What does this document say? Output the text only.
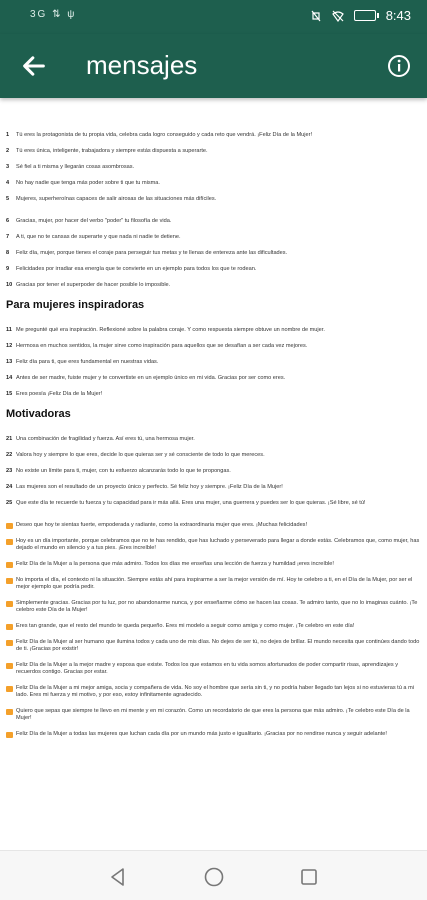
3G ⇅ ψ	8:43
mensajes
1	Tú eres la protagonista de tu propia vida, celebra cada logro conseguido y cada reto que vendrá. ¡Feliz Día de la Mujer!
2	Tú eres única, inteligente, trabajadora y siempre estás dispuesta a superarte.
3	Sé fiel a ti misma y llegarán cosas asombrosas.
4	No hay nadie que tenga más poder sobre ti que tu misma.
5	Mujeres, superheroínas capaces de salir airosas de las situaciones más difíciles.
6	Gracias, mujer, por hacer del verbo "poder" tu filosofía de vida.
7	A ti, que no te cansas de superarte y que nada ni nadie te detiene.
8	Feliz día, mujer, porque tienes el coraje para perseguir tus metas y te llenas de entereza ante las dificultades.
9	Felicidades por irradiar esa energía que te convierte en un ejemplo para todos los que te rodean.
10 Gracias por tener el superpoder de hacer posible lo imposible.
Para mujeres inspiradoras
11 Me pregunté qué era inspiración. Reflexioné sobre la palabra coraje. Y como respuesta siempre obtuve un nombre de mujer.
12 Hermosa en muchos sentidos, la mujer sirve como inspiración para aquellos que se desafían a ser cada vez mejores.
13 Feliz día para ti, que eres fundamental en nuestras vidas.
14 Antes de ser madre, fuiste mujer y te convertiste en un ejemplo único en mi vida. Gracias por ser como eres.
15 Eres poesía ¡Feliz Día de la Mujer!
Motivadoras
21 Una combinación de fragilidad y fuerza. Así eres tú, una hermosa mujer.
22 Valora hoy y siempre lo que eres, decide lo que quieras ser y sé consciente de todo lo que mereces.
23 No existe un límite para ti, mujer, con tu esfuerzo alcanzarás todo lo que te propongas.
24 Las mujeres son el resultado de un proyecto único y perfecto. Sé feliz hoy y siempre. ¡Feliz Día de la Mujer!
25 Que este día te recuerde tu fuerza y tu capacidad para ir más allá. Eres una mujer, una guerrera y puedes ser lo que quieras. ¡Sé libre, sé tú!
Deseo que hoy te sientas fuerte, empoderada y radiante, como la extraordinaria mujer que eres. ¡Muchas felicidades!
Hoy es un día importante, porque celebramos que no te has rendido, que has luchado y perseverado para llegar a donde estás. Celebramos que, como mujer, has dejado el mundo en silencio y a tus pies. ¡Eres increíble!
Feliz Día de la Mujer a la persona que más admiro. Todos los días me enseñas una lección de fuerza y humildad ¡eres increíble!
No importa el día, el contexto ni la situación. Siempre estás ahí para inspirarme a ser la mejor versión de mí. Hoy te celebro a ti, en el Día de la Mujer, por ser el mejor ejemplo que podría pedir.
Simplemente gracias. Gracias por tu luz, por no abandonarme nunca, y por enseñarme cómo se hacen las cosas. Te admiro tanto, que no lo imaginas cuánto. ¡Te celebro este Día de la Mujer!
Eres tan grande, que el resto del mundo te queda pequeño. Eres mi modelo a seguir como amiga y como mujer. ¡Te celebro en este día!
Feliz Día de la Mujer al ser humano que ilumina todos y cada uno de mis días. No dejes de ser tú, no dejes de brillar. El mundo necesita que continúes dando todo de ti. ¡Gracias por existir!
Feliz Día de la Mujer a la mejor madre y esposa que existe. Todos los que estamos en tu vida somos afortunados de poder compartir risas, aprendizajes y recuerdos contigo. Gracias por estar.
Feliz Día de la Mujer a mi mejor amiga, socia y compañera de vida. No soy el hombre que sería sin ti, y no podría haber llegado tan lejos si no estuvieras tú a mi lado. Eres mi fuerza y mi motivo, y por eso, estoy infinitamente agradecido.
Quiero que sepas que siempre te llevo en mi mente y en mi corazón. Como un recordatorio de que eres la persona que más admiro. ¡Te celebro este Día de la Mujer!
Feliz Día de la Mujer a todas las mujeres que luchan cada día por un mundo más justo e igualitario. ¡Gracias por no rendirse nunca y seguir adelante!
